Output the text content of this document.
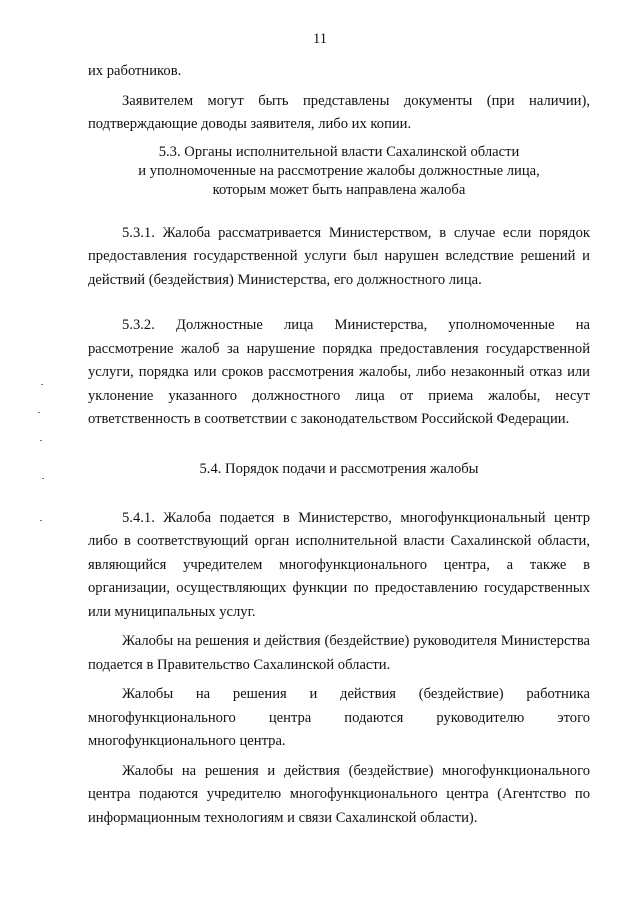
11

их работников.

Заявителем могут быть представлены документы (при наличии), подтверждающие доводы заявителя, либо их копии.

5.3. Органы исполнительной власти Сахалинской области

и уполномоченные на рассмотрение жалобы должностные лица,

которым может быть направлена жалоба

5.3.1. Жалоба рассматривается Министерством, в случае если порядок предоставления государственной услуги был нарушен вследствие решений и действий (бездействия) Министерства, его должностного лица.

5.3.2. Должностные лица Министерства, уполномоченные на рассмотрение жалоб за нарушение порядка предоставления государственной услуги, порядка или сроков рассмотрения жалобы, либо незаконный отказ или уклонение указанного должностного лица от приема жалобы, несут ответственность в соответствии с законодательством Российской Федерации.

5.4. Порядок подачи и рассмотрения жалобы

5.4.1. Жалоба подается в Министерство, многофункциональный центр либо в соответствующий орган исполнительной власти Сахалинской области, являющийся учредителем многофункционального центра, а также в организации, осуществляющих функции по предоставлению государственных или муниципальных услуг.

Жалобы на решения и действия (бездействие) руководителя Министерства подается в Правительство Сахалинской области.

Жалобы на решения и действия (бездействие) работника многофункционального центра подаются руководителю этого многофункционального центра.

Жалобы на решения и действия (бездействие) многофункционального центра подаются учредителю многофункционального центра (Агентство по информационным технологиям и связи Сахалинской области).
